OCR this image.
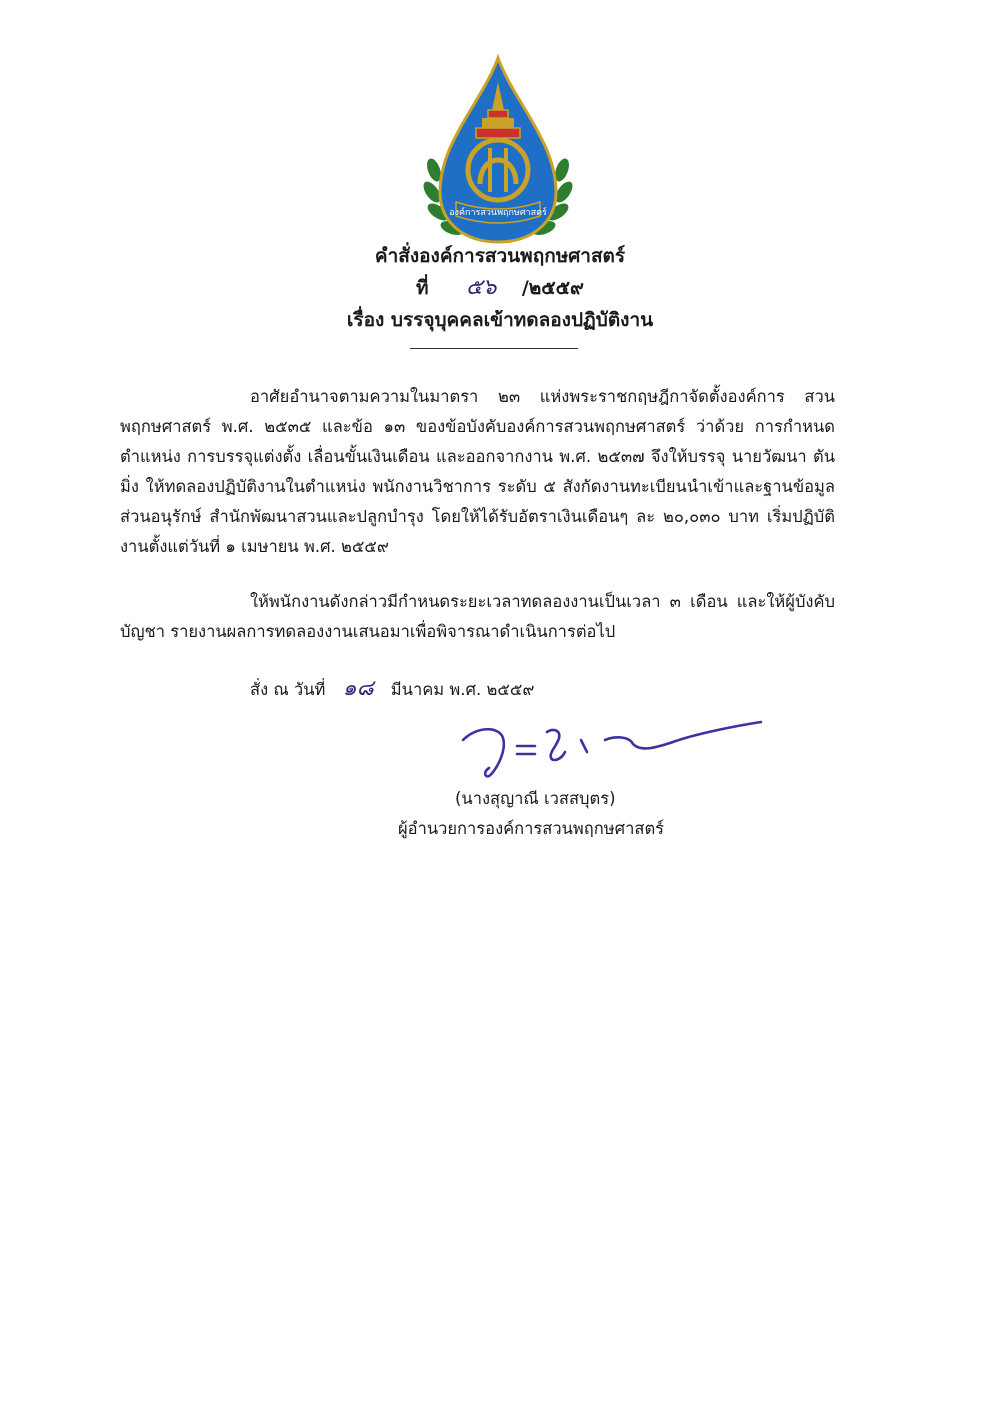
องค์การสวนพฤกษศาสตร์
คำสั่งองค์การสวนพฤกษศาสตร์
ที่ ๕๖ /๒๕๕๙
เรื่อง บรรจุบุคคลเข้าทดลองปฏิบัติงาน
อาศัยอำนาจตามความในมาตรา ๒๓ แห่งพระราชกฤษฎีกาจัดตั้งองค์การ สวนพฤกษศาสตร์ พ.ศ. ๒๕๓๕ และข้อ ๑๓ ของข้อบังคับองค์การสวนพฤกษศาสตร์ ว่าด้วย การกำหนดตำแหน่ง การบรรจุแต่งตั้ง เลื่อนขั้นเงินเดือน และออกจากงาน พ.ศ. ๒๕๓๗ จึงให้บรรจุ นายวัฒนา ตันมิ่ง ให้ทดลองปฏิบัติงานในตำแหน่ง พนักงานวิชาการ ระดับ ๕ สังกัดงานทะเบียนนำเข้าและฐานข้อมูล ส่วนอนุรักษ์ สำนักพัฒนาสวนและปลูกบำรุง โดยให้ได้รับอัตราเงินเดือนๆ ละ ๒๐,๐๓๐ บาท เริ่มปฏิบัติงานตั้งแต่วันที่ ๑ เมษายน พ.ศ. ๒๕๕๙
ให้พนักงานดังกล่าวมีกำหนดระยะเวลาทดลองงานเป็นเวลา ๓ เดือน และให้ผู้บังคับบัญชา รายงานผลการทดลองงานเสนอมาเพื่อพิจารณาดำเนินการต่อไป
สั่ง ณ วันที่ ๑๘ มีนาคม พ.ศ. ๒๕๕๙
(นางสุญาณี เวสสบุตร)
ผู้อำนวยการองค์การสวนพฤกษศาสตร์
